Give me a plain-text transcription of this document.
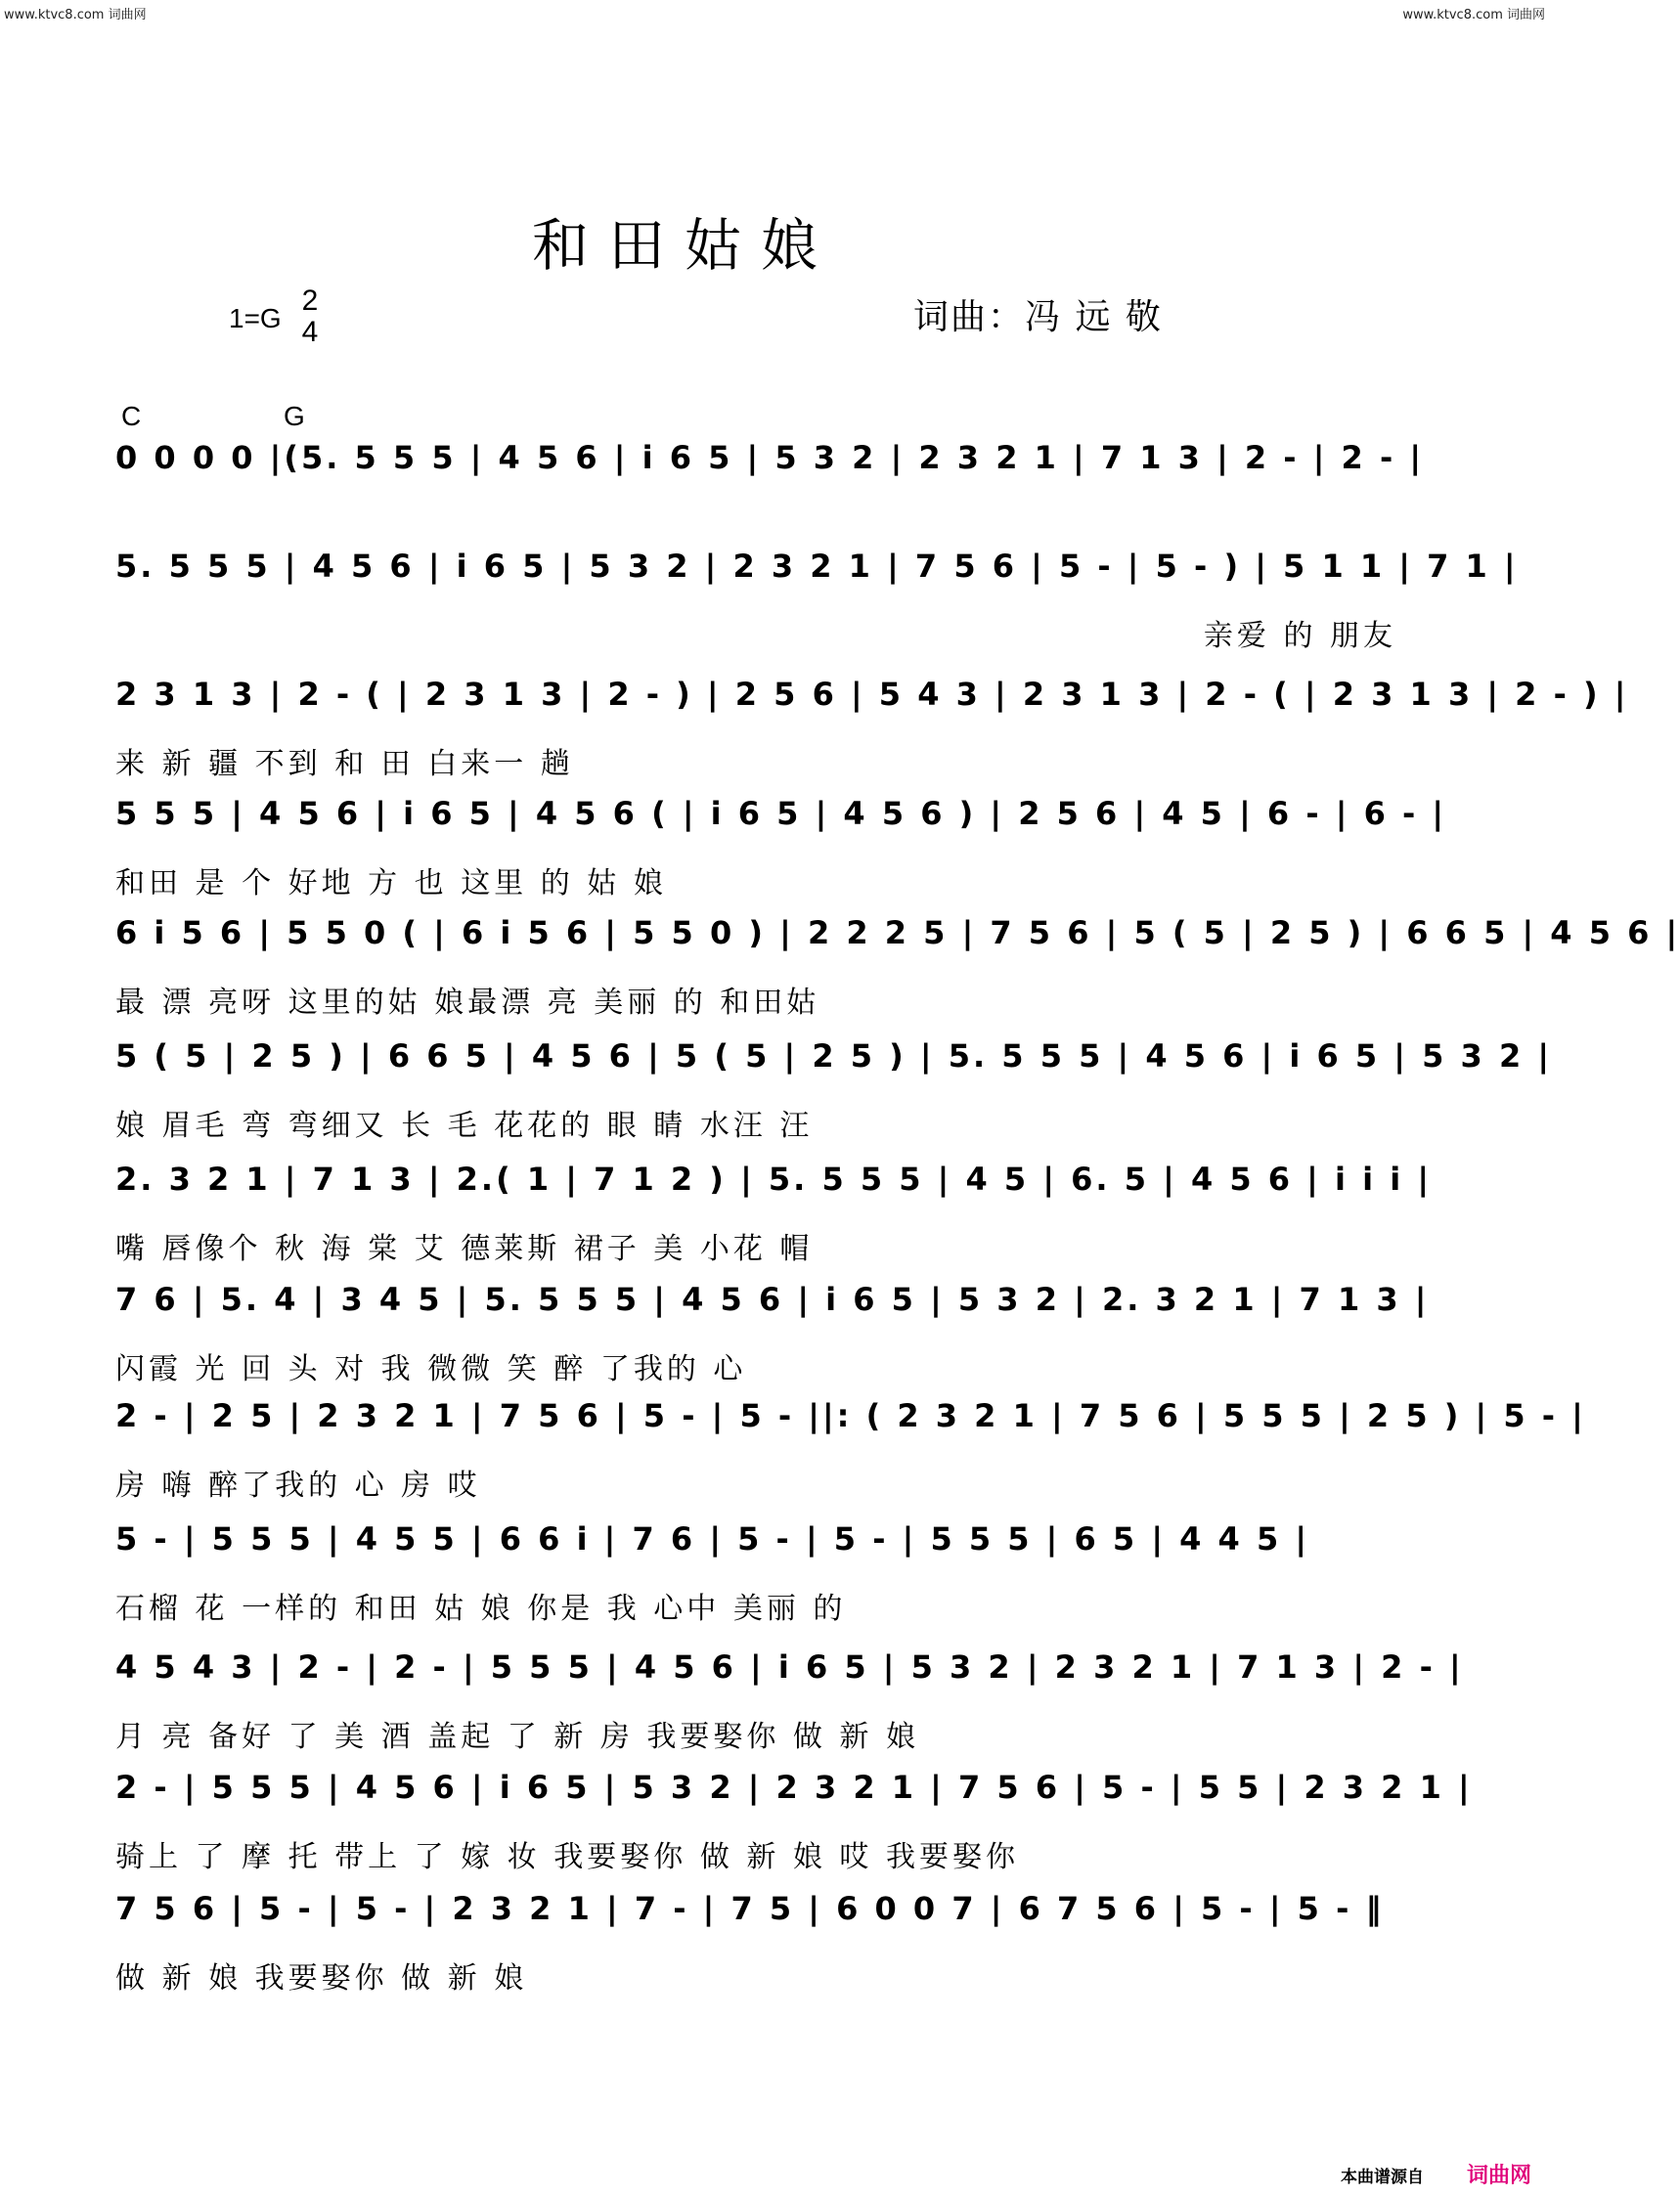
www.ktvc8.com 词曲网	www.ktvc8.com 词曲网
和田姑娘
1=G
2
4	词曲：冯 远 敬
C	G
0 0 0 0 |(5. 5 5 5 | 4 5 6 | i 6 5 | 5 3 2 | 2 3 2 1 | 7 1 3 | 2 - | 2 - |
5. 5 5 5 | 4 5 6 | i 6 5 | 5 3 2 | 2 3 2 1 | 7 5 6 | 5 - | 5 - ) | 5 1 1 | 7 1 |
亲爱 的 朋友
2 3 1 3 | 2 - ( | 2 3 1 3 | 2 - ) | 2 5 6 | 5 4 3 | 2 3 1 3 | 2 - ( | 2 3 1 3 | 2 - ) |
来 新 疆 不到 和 田 白来一 趟
5 5 5 | 4 5 6 | i 6 5 | 4 5 6 ( | i 6 5 | 4 5 6 ) | 2 5 6 | 4 5 | 6 - | 6 - |
和田 是 个 好地 方 也 这里 的 姑 娘
6 i 5 6 | 5 5 0 ( | 6 i 5 6 | 5 5 0 ) | 2 2 2 5 | 7 5 6 | 5 ( 5 | 2 5 ) | 6 6 5 | 4 5 6 |
最 漂 亮呀 这里的姑 娘最漂 亮 美丽 的 和田姑
5 ( 5 | 2 5 ) | 6 6 5 | 4 5 6 | 5 ( 5 | 2 5 ) | 5. 5 5 5 | 4 5 6 | i 6 5 | 5 3 2 |
娘 眉毛 弯 弯细又 长 毛 花花的 眼 睛 水汪 汪
2. 3 2 1 | 7 1 3 | 2.( 1 | 7 1 2 ) | 5. 5 5 5 | 4 5 | 6. 5 | 4 5 6 | i i i |
嘴 唇像个 秋 海 棠 艾 德莱斯 裙子 美 小花 帽
7 6 | 5. 4 | 3 4 5 | 5. 5 5 5 | 4 5 6 | i 6 5 | 5 3 2 | 2. 3 2 1 | 7 1 3 |
闪霞 光 回 头 对 我 微微 笑 醉 了我的 心
2 - | 2 5 | 2 3 2 1 | 7 5 6 | 5 - | 5 - ||: ( 2 3 2 1 | 7 5 6 | 5 5 5 | 2 5 ) | 5 - |
房 嗨 醉了我的 心 房 哎
5 - | 5 5 5 | 4 5 5 | 6 6 i | 7 6 | 5 - | 5 - | 5 5 5 | 6 5 | 4 4 5 |
石榴 花 一样的 和田 姑 娘 你是 我 心中 美丽 的
4 5 4 3 | 2 - | 2 - | 5 5 5 | 4 5 6 | i 6 5 | 5 3 2 | 2 3 2 1 | 7 1 3 | 2 - |
月 亮 备好 了 美 酒 盖起 了 新 房 我要娶你 做 新 娘
2 - | 5 5 5 | 4 5 6 | i 6 5 | 5 3 2 | 2 3 2 1 | 7 5 6 | 5 - | 5 5 | 2 3 2 1 |
骑上 了 摩 托 带上 了 嫁 妆 我要娶你 做 新 娘 哎 我要娶你
7 5 6 | 5 - | 5 - | 2 3 2 1 | 7 - | 7 5 | 6 0 0 7 | 6 7 5 6 | 5 - | 5 - ‖
做 新 娘 我要娶你 做 新 娘
本曲谱源自 词曲网
